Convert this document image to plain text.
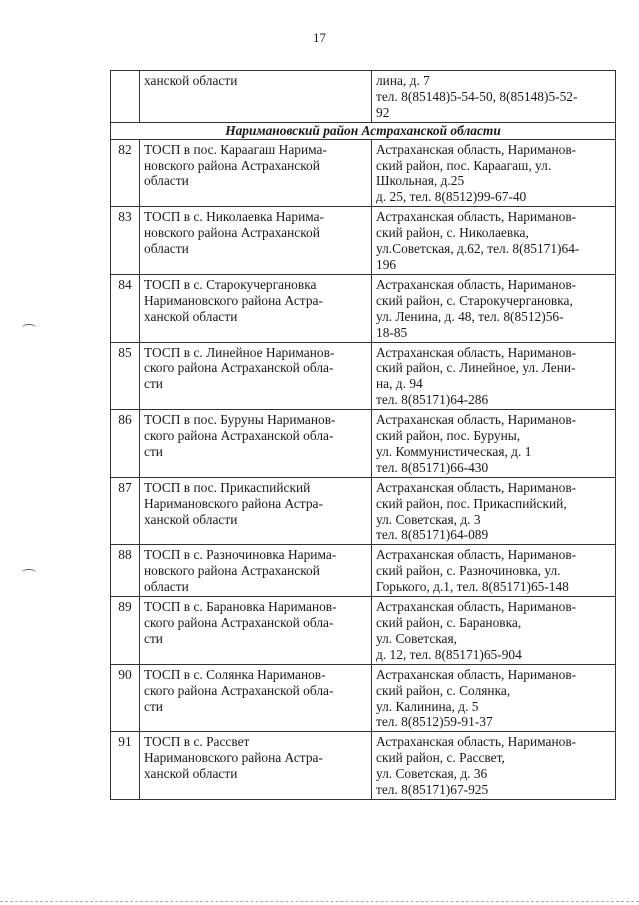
17

	ханской области	лина, д. 7
тел. 8(85148)5-54-50, 8(85148)5-52-
92

Наримановский район Астраханской области		
82	ТОСП в пос. Караагаш Нарима-
новского района Астраханской
области	Астраханская область, Нариманов-
ский район, пос. Караагаш, ул.
Школьная, д.25
д. 25, тел. 8(8512)99-67-40

83	ТОСП в с. Николаевка Нарима-
новского района Астраханской
области	Астраханская область, Нариманов-
ский район, с. Николаевка,
ул.Советская, д.62, тел. 8(85171)64-
196

84	ТОСП в с. Старокучергановка
Наримановского района Астра-
ханской области	Астраханская область, Нариманов-
ский район, с. Старокучергановка,
ул. Ленина, д. 48, тел. 8(8512)56-
18-85

85	ТОСП в с. Линейное Нариманов-
ского района Астраханской обла-
сти	Астраханская область, Нариманов-
ский район, с. Линейное, ул. Лени-
на, д. 94
тел. 8(85171)64-286

86	ТОСП в пос. Буруны Нариманов-
ского района Астраханской обла-
сти	Астраханская область, Нариманов-
ский район, пос. Буруны,
ул. Коммунистическая, д. 1
тел. 8(85171)66-430

87	ТОСП в пос. Прикаспийский
Наримановского района Астра-
ханской области	Астраханская область, Нариманов-
ский район, пос. Прикаспийский,
ул. Советская, д. 3
тел. 8(85171)64-089

88	ТОСП в с. Разночиновка Нарима-
новского района Астраханской
области	Астраханская область, Нариманов-
ский район, с. Разночиновка, ул.
Горького, д.1, тел. 8(85171)65-148

89	ТОСП в с. Барановка Нариманов-
ского района Астраханской обла-
сти	Астраханская область, Нариманов-
ский район, с. Барановка,
ул. Советская,
д. 12, тел. 8(85171)65-904

90	ТОСП в с. Солянка Нариманов-
ского района Астраханской обла-
сти	Астраханская область, Нариманов-
ский район, с. Солянка,
ул. Калинина, д. 5
тел. 8(8512)59-91-37

91	ТОСП в с. Рассвет
Наримановского района Астра-
ханской области	Астраханская область, Нариманов-
ский район, с. Рассвет,
ул. Советская, д. 36
тел. 8(85171)67-925
